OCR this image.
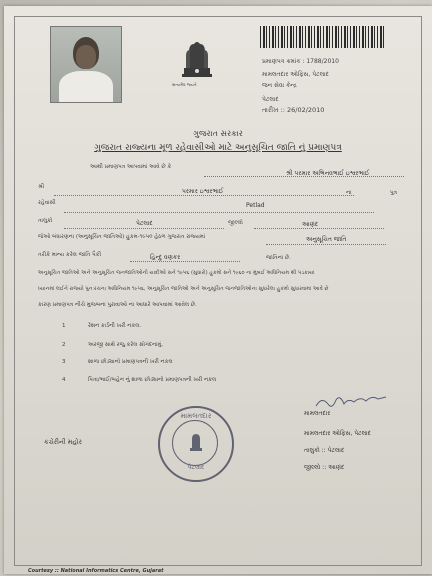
સત્યમેવ જયતે
પ્રમાણપત્ર ક્રમાંક : 1788/2010
મામલતદાર ઓફિસ, પેટલાદ
જન સેવા કેન્દ્ર
પેટલાદ
તારીખ :: 26/02/2010
ગુજરાત સરકાર
ગુજરાત રાજ્યના મૂળ રહેવાસીઓ માટે અનુસૂચિત જાતિ નું પ્રમાણપત્ર
આથી પ્રમાણપત્ર આપવામાં આવે છે કે
શ્રી પરમાર અભિનવભાઈ ઇશ્વરભાઈ
શ્રી
પરમાર ઇશ્વરભાઈ	ના	પુત્ર
રહેવાસી	Petlad
તાલુકો	પેટલાદ	જીલ્લો	આણંદ
જેઓ બંધારણના (અનુસૂચિત જાતિઓ) હુકમ-૧૯૫૦ હેઠળ ગુજરાત રાજ્યમાં	અનુસૂચિત જાતિ
તરીકે માન્ય કરેલ જાતિ પૈકી	હિન્દુ વણકર	જાતિના છે.
અનુસૂચિત જાતિઓ અને અનુસૂચિત જનજાતિઓની યાદીઓ સને ૧૯૫૬ (સુધારો) હુકમો સને ૧૯૬૦ ના મુંબઈ અધિનિયમ થી પડકાયાં
ધ્યાનમાં લઈને રાજ્યો પુનઃરચના અધિનિયમ ૧૯૫૬, અનુસૂચિત જાતિઓ અને અનુસૂચિત જનજાતિઓના સુધારેલા હુકમો સુધારવામાં આવે છે
કારણ પ્રમાણપત્ર નીચે મુજબના પુરાવાઓ ના આધારે આપવામાં આવેલ છે.
1	રેશન કાર્ડની ખરી નકલ.
2	અરજી સાથે રજુ કરેલ સોગંદનામું.
3	શાળા છોડ્યાનો પ્રમાણપત્રની ખરી નકલ
4	પિતા/ભાઈ/બહેન નું શાળા છોડ્યાનો પ્રમાણપત્રની ખરી નકલ
કચેરીની મહોર
મામલતદાર
પેટલાદ
મામલતદાર
મામલતદાર ઓફિસ, પેટલાદ
તાલુકો :: પેટલાદ
જીલ્લો :: આણંદ
Courtesy :: National Informatics Centre, Gujarat
